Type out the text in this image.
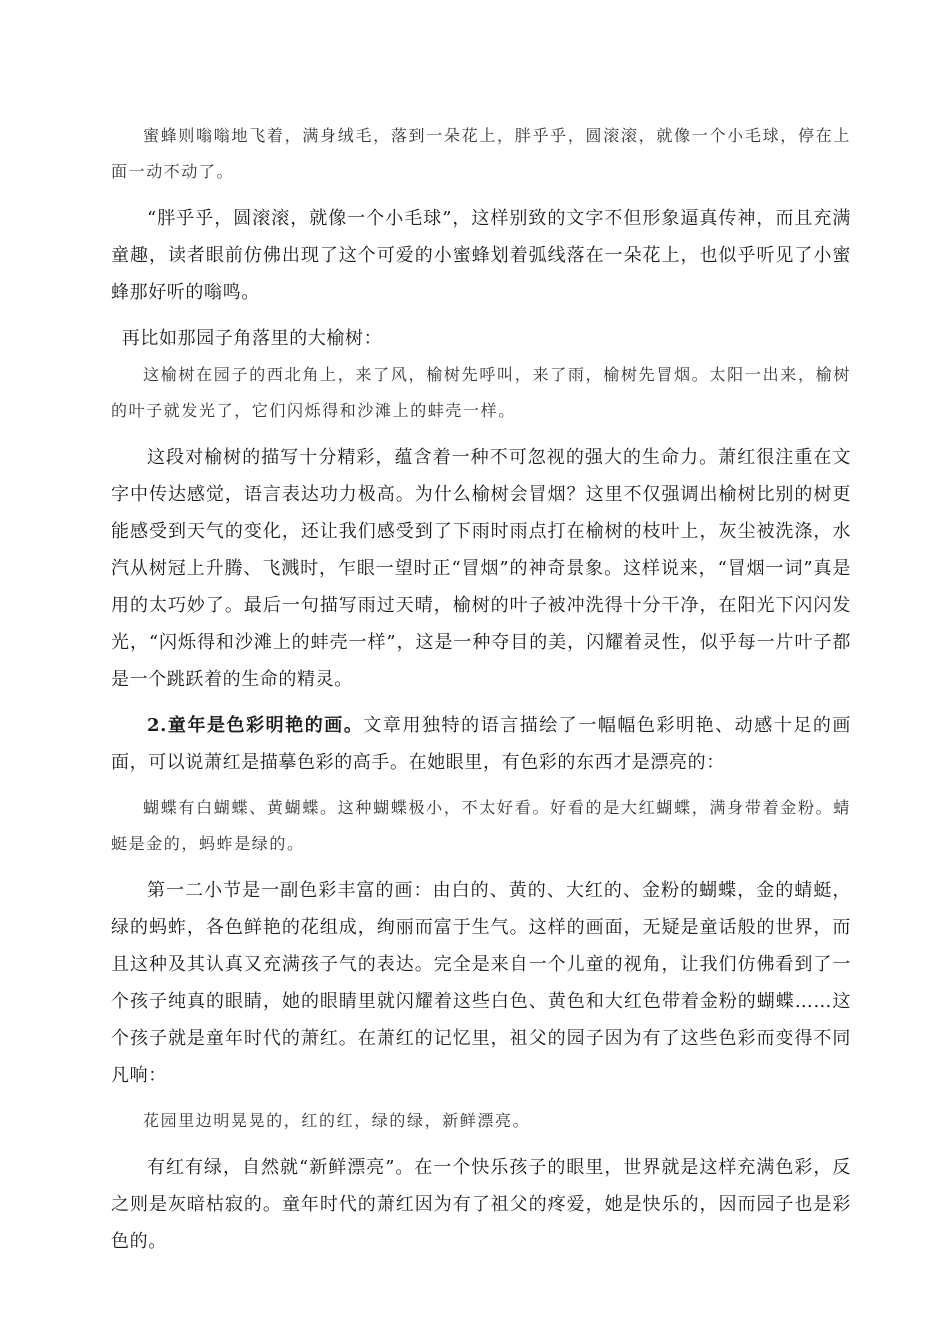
蜜蜂则嗡嗡地飞着，满身绒毛，落到一朵花上，胖乎乎，圆滚滚，就像一个小毛球，停在上面一动不动了。

“胖乎乎，圆滚滚，就像一个小毛球”，这样别致的文字不但形象逼真传神，而且充满童趣，读者眼前仿佛出现了这个可爱的小蜜蜂划着弧线落在一朵花上，也似乎听见了小蜜蜂那好听的嗡鸣。

再比如那园子角落里的大榆树：

这榆树在园子的西北角上，来了风，榆树先呼叫，来了雨，榆树先冒烟。太阳一出来，榆树的叶子就发光了，它们闪烁得和沙滩上的蚌壳一样。

这段对榆树的描写十分精彩，蕴含着一种不可忽视的强大的生命力。萧红很注重在文字中传达感觉，语言表达功力极高。为什么榆树会冒烟？这里不仅强调出榆树比别的树更能感受到天气的变化，还让我们感受到了下雨时雨点打在榆树的枝叶上，灰尘被洗涤，水汽从树冠上升腾、飞溅时，乍眼一望时正“冒烟”的神奇景象。这样说来，“冒烟一词”真是用的太巧妙了。最后一句描写雨过天晴，榆树的叶子被冲洗得十分干净，在阳光下闪闪发光，“闪烁得和沙滩上的蚌壳一样”，这是一种夺目的美，闪耀着灵性，似乎每一片叶子都是一个跳跃着的生命的精灵。

2.童年是色彩明艳的画。文章用独特的语言描绘了一幅幅色彩明艳、动感十足的画面，可以说萧红是描摹色彩的高手。在她眼里，有色彩的东西才是漂亮的：

蝴蝶有白蝴蝶、黄蝴蝶。这种蝴蝶极小，不太好看。好看的是大红蝴蝶，满身带着金粉。蜻蜓是金的，蚂蚱是绿的。

第一二小节是一副色彩丰富的画：由白的、黄的、大红的、金粉的蝴蝶，金的蜻蜓，绿的蚂蚱，各色鲜艳的花组成，绚丽而富于生气。这样的画面，无疑是童话般的世界，而且这种及其认真又充满孩子气的表达。完全是来自一个儿童的视角，让我们仿佛看到了一个孩子纯真的眼睛，她的眼睛里就闪耀着这些白色、黄色和大红色带着金粉的蝴蝶……这个孩子就是童年时代的萧红。在萧红的记忆里，祖父的园子因为有了这些色彩而变得不同凡响：

花园里边明晃晃的，红的红，绿的绿，新鲜漂亮。

有红有绿，自然就“新鲜漂亮”。在一个快乐孩子的眼里，世界就是这样充满色彩，反之则是灰暗枯寂的。童年时代的萧红因为有了祖父的疼爱，她是快乐的，因而园子也是彩色的。
